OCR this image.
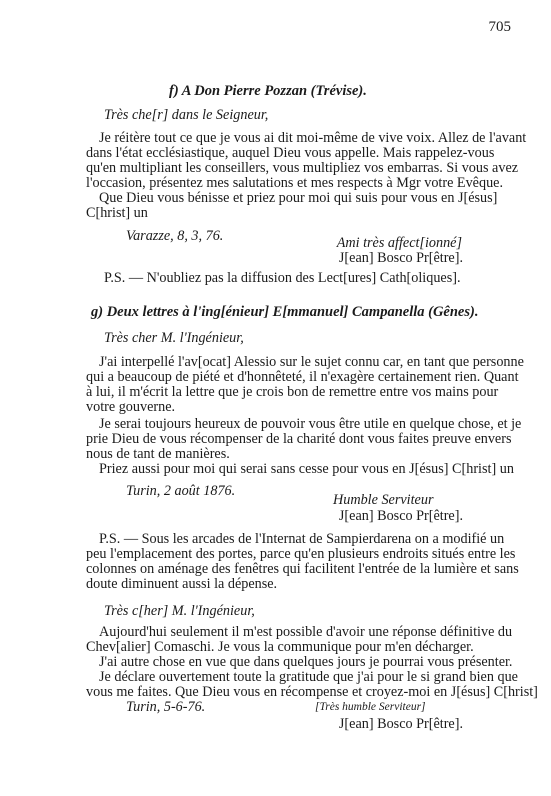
705
f) A Don Pierre Pozzan (Trévise).
Très che[r] dans le Seigneur,
Je réitère tout ce que je vous ai dit moi-même de vive voix. Allez de l'avant
dans l'état ecclésiastique, auquel Dieu vous appelle. Mais rappelez-vous
qu'en multipliant les conseillers, vous multipliez vos embarras. Si vous avez
l'occasion, présentez mes salutations et mes respects à Mgr votre Evêque.
Que Dieu vous bénisse et priez pour moi qui suis pour vous en J[ésus]
C[hrist] un
Varazze, 8, 3, 76.	Ami très affect[ionné]
J[ean] Bosco Pr[être].
P.S. — N'oubliez pas la diffusion des Lect[ures] Cath[oliques].
g) Deux lettres à l'ing[énieur] E[mmanuel] Campanella (Gênes).
Très cher M. l'Ingénieur,
J'ai interpellé l'av[ocat] Alessio sur le sujet connu car, en tant que personne
qui a beaucoup de piété et d'honnêteté, il n'exagère certainement rien. Quant
à lui, il m'écrit la lettre que je crois bon de remettre entre vos mains pour
votre gouverne.
Je serai toujours heureux de pouvoir vous être utile en quelque chose, et je
prie Dieu de vous récompenser de la charité dont vous faites preuve envers
nous de tant de manières.
Priez aussi pour moi qui serai sans cesse pour vous en J[ésus] C[hrist] un
Turin, 2 août 1876.
Humble Serviteur
J[ean] Bosco Pr[être].
P.S. — Sous les arcades de l'Internat de Sampierdarena on a modifié un
peu l'emplacement des portes, parce qu'en plusieurs endroits situés entre les
colonnes on aménage des fenêtres qui facilitent l'entrée de la lumière et sans
doute diminuent aussi la dépense.
Très c[her] M. l'Ingénieur,
Aujourd'hui seulement il m'est possible d'avoir une réponse définitive du
Chev[alier] Comaschi. Je vous la communique pour m'en décharger.
J'ai autre chose en vue que dans quelques jours je pourrai vous présenter.
Je déclare ouvertement toute la gratitude que j'ai pour le si grand bien que
vous me faites. Que Dieu vous en récompense et croyez-moi en J[ésus] C[hrist]
Turin, 5-6-76.	[Très humble Serviteur]
J[ean] Bosco Pr[être].
